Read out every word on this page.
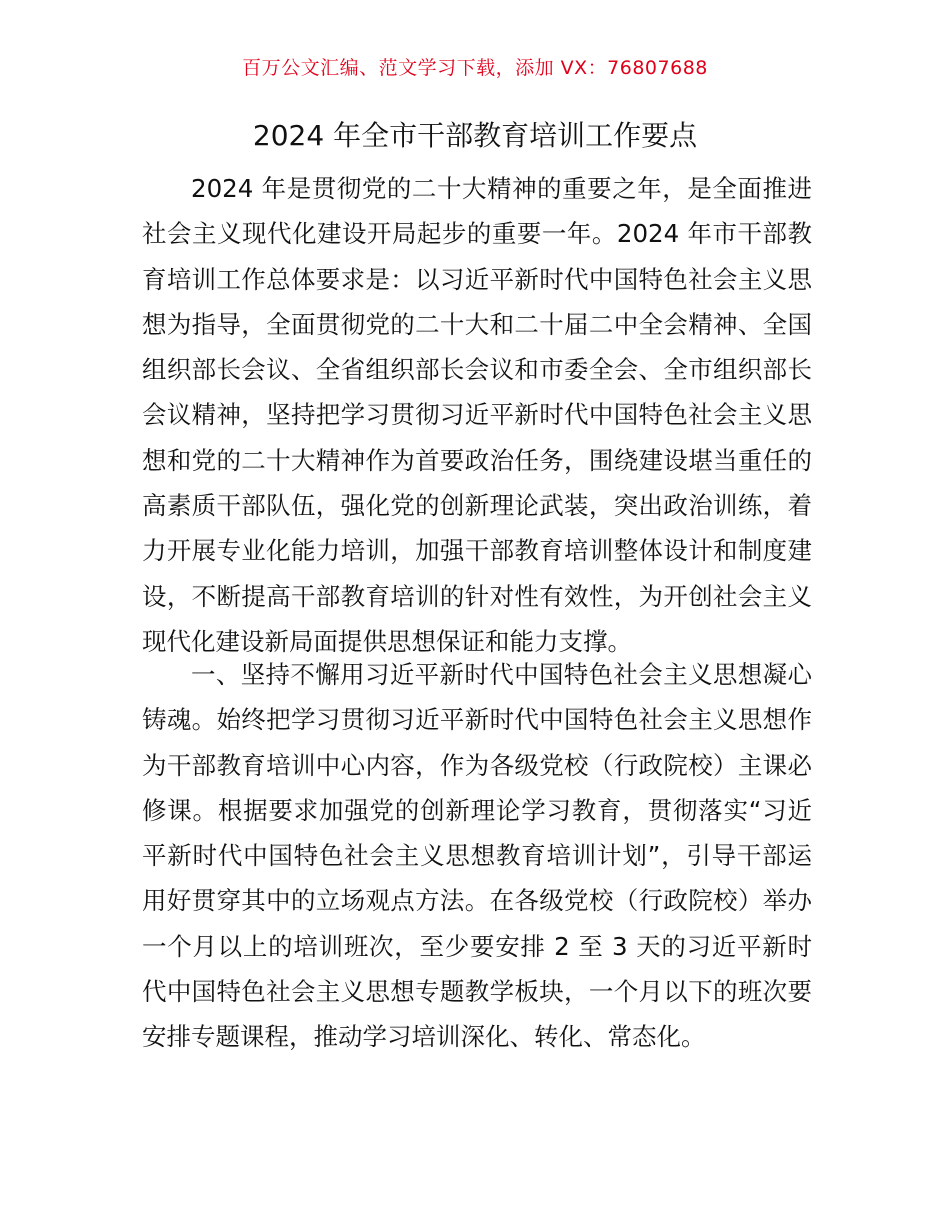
百万公文汇编、范文学习下载，添加 VX：76807688
2024 年全市干部教育培训工作要点

2024 年是贯彻党的二十大精神的重要之年，是全面推进社会主义现代化建设开局起步的重要一年。2024 年市干部教育培训工作总体要求是：以习近平新时代中国特色社会主义思想为指导，全面贯彻党的二十大和二十届二中全会精神、全国组织部长会议、全省组织部长会议和市委全会、全市组织部长会议精神，坚持把学习贯彻习近平新时代中国特色社会主义思想和党的二十大精神作为首要政治任务，围绕建设堪当重任的高素质干部队伍，强化党的创新理论武装，突出政治训练，着力开展专业化能力培训，加强干部教育培训整体设计和制度建设，不断提高干部教育培训的针对性有效性，为开创社会主义现代化建设新局面提供思想保证和能力支撑。

一、坚持不懈用习近平新时代中国特色社会主义思想凝心铸魂。始终把学习贯彻习近平新时代中国特色社会主义思想作为干部教育培训中心内容，作为各级党校（行政院校）主课必修课。根据要求加强党的创新理论学习教育，贯彻落实“习近平新时代中国特色社会主义思想教育培训计划”，引导干部运用好贯穿其中的立场观点方法。在各级党校（行政院校）举办一个月以上的培训班次，至少要安排 2 至 3 天的习近平新时代中国特色社会主义思想专题教学板块，一个月以下的班次要安排专题课程，推动学习培训深化、转化、常态化。
